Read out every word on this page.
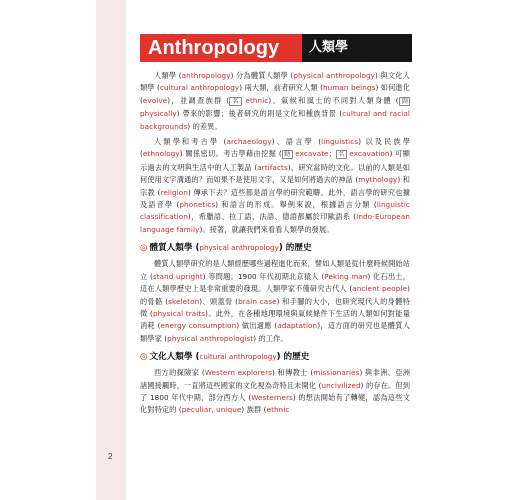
2
Anthropology	人類學

人類學 (anthropology) 分為體質人類學 (physical anthropology) 與文化人類學 (cultural anthropology) 兩大類，前者研究人類 (human beings) 如何進化 (evolve)，並調查族群 ( 名 ethnic)、氣候和風土的不同對人類身體 ( 副 physically) 帶來的影響；後者研究的則是文化和種族背景 (cultural and racial backgrounds) 的差異。

人類學和考古學 (archaeology)、語言學 (linguistics) 以及民族學 (ethnology) 關係密切。考古學藉由挖掘 ( 動 excavate； 名 excavation) 可顯示過去的文明與生活中的人工製品 (artifacts)，研究當時的文化。以前的人類是如何使用文字溝通的？而如果不是使用文字，又是如何將過去的神話 (mythology) 和宗教 (religion) 傳承下去？這些都是語言學的研究範疇。此外，語言學的研究也擴及語音學 (phonetics) 和語言的形成。舉例來說，根據語言分類 (linguistic classification)，希臘語、拉丁語、法語、德語都屬於印歐語系 (Indo-European language family)。接著，就讓我們來看看人類學的發展。

◎ 體質人類學 (physical anthropology) 的歷史

體質人類學研究的是人類經歷哪些過程進化而來，譬如人類是從什麼時候開始站立 (stand upright) 等問題。1900 年代初期北京猿人 (Peking man) 化石出土，這在人類學歷史上是非常重要的發現。人類學家不僅研究古代人 (ancient people) 的骨骼 (skeleton)、頭蓋骨 (brain case) 和手腳的大小，也研究現代人的身體特徵 (physical traits)。此外，在各種地理環境與氣候條件下生活的人類如何對能量消耗 (energy consumption) 做出適應 (adaptation)，這方面的研究也是體質人類學家 (physical anthropologist) 的工作。

◎ 文化人類學 (cultural anthropology) 的歷史

西方的探險家 (Western explorers) 和傳教士 (missionaries) 與非洲、亞洲諸國接觸時，一直將這些國家的文化視為奇特且未開化 (uncivilized) 的存在。但到了 1800 年代中期，部分西方人 (Westerners) 的想法開始有了轉變，認為這些文化對特定的 (peculiar, unique) 族群 (ethnic
